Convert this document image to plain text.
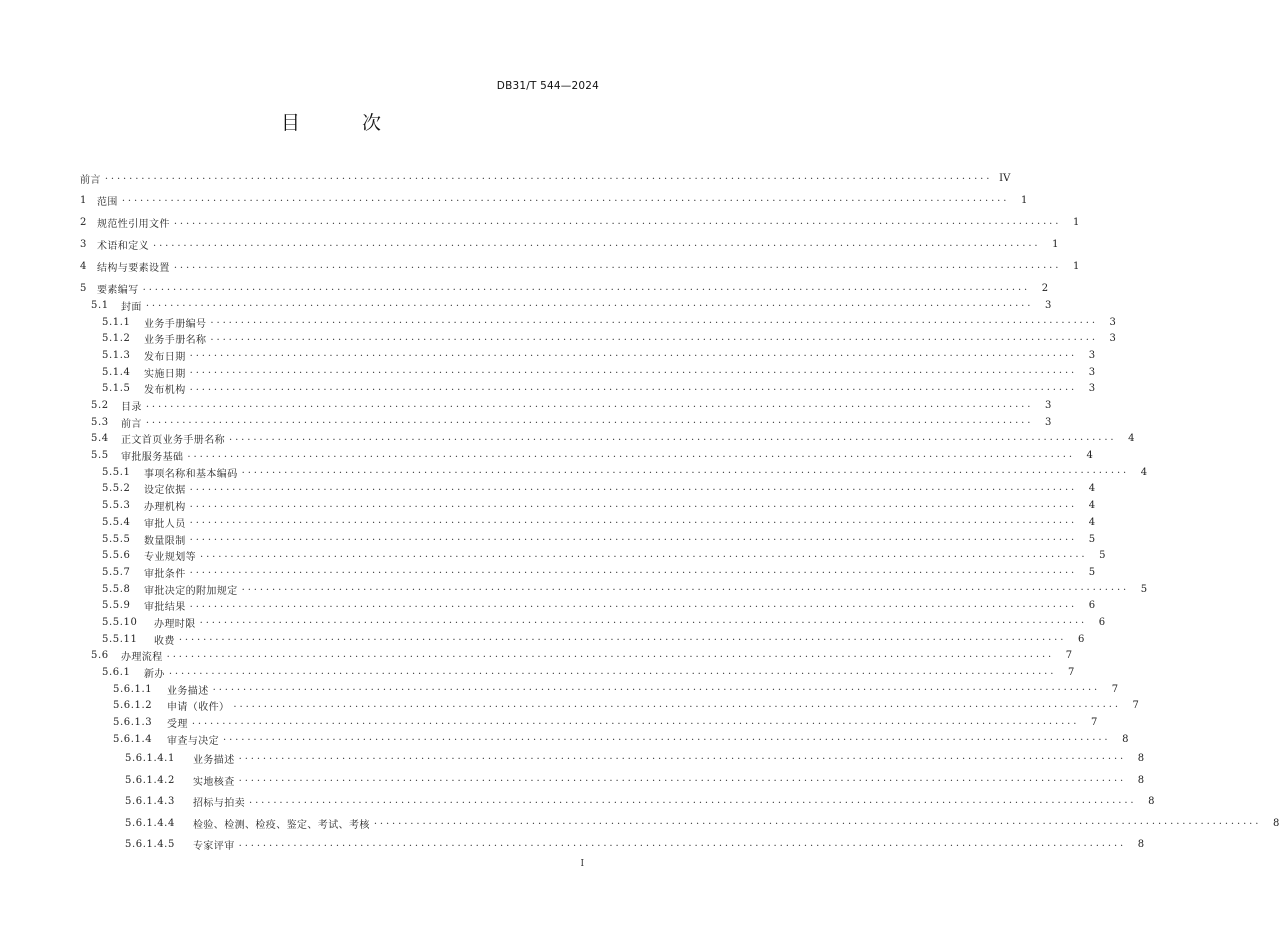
DB31/T 544—2024
目 次
前言 .................................................................................................................................................. IV
1	范围 ..................................................................................................................................................	1
2	规范性引用文件 ..................................................................................................................................................	1
3	术语和定义 ..................................................................................................................................................	1
4	结构与要素设置 ..................................................................................................................................................	1
5	要素编写 ..................................................................................................................................................	2
5.1	封面 ..................................................................................................................................................	3
5.1.1	业务手册编号 ..................................................................................................................................................	3
5.1.2	业务手册名称 ..................................................................................................................................................	3
5.1.3	发布日期 ..................................................................................................................................................	3
5.1.4	实施日期 ..................................................................................................................................................	3
5.1.5	发布机构 ..................................................................................................................................................	3
5.2	目录 ..................................................................................................................................................	3
5.3	前言 ..................................................................................................................................................	3
5.4	正文首页业务手册名称 ..................................................................................................................................................	4
5.5	审批服务基础 ..................................................................................................................................................	4
5.5.1	事项名称和基本编码 ..................................................................................................................................................	4
5.5.2	设定依据 ..................................................................................................................................................	4
5.5.3	办理机构 ..................................................................................................................................................	4
5.5.4	审批人员 ..................................................................................................................................................	4
5.5.5	数量限制 ..................................................................................................................................................	5
5.5.6	专业规划等 ..................................................................................................................................................	5
5.5.7	审批条件 ..................................................................................................................................................	5
5.5.8	审批决定的附加规定 ..................................................................................................................................................	5
5.5.9	审批结果 ..................................................................................................................................................	6
5.5.10	办理时限 ..................................................................................................................................................	6
5.5.11	收费 ..................................................................................................................................................	6
5.6	办理流程 ..................................................................................................................................................	7
5.6.1	新办 ..................................................................................................................................................	7
5.6.1.1	业务描述 ..................................................................................................................................................	7
5.6.1.2	申请（收件） ..................................................................................................................................................	7
5.6.1.3	受理 ..................................................................................................................................................	7
5.6.1.4	审查与决定 ..................................................................................................................................................	8
5.6.1.4.1	业务描述 ..................................................................................................................................................	8
5.6.1.4.2	实地核查 ..................................................................................................................................................	8
5.6.1.4.3	招标与拍卖 ..................................................................................................................................................	8
5.6.1.4.4	检验、检测、检疫、鉴定、考试、考核 ..................................................................................................................................................	8
5.6.1.4.5	专家评审 ..................................................................................................................................................	8
I
